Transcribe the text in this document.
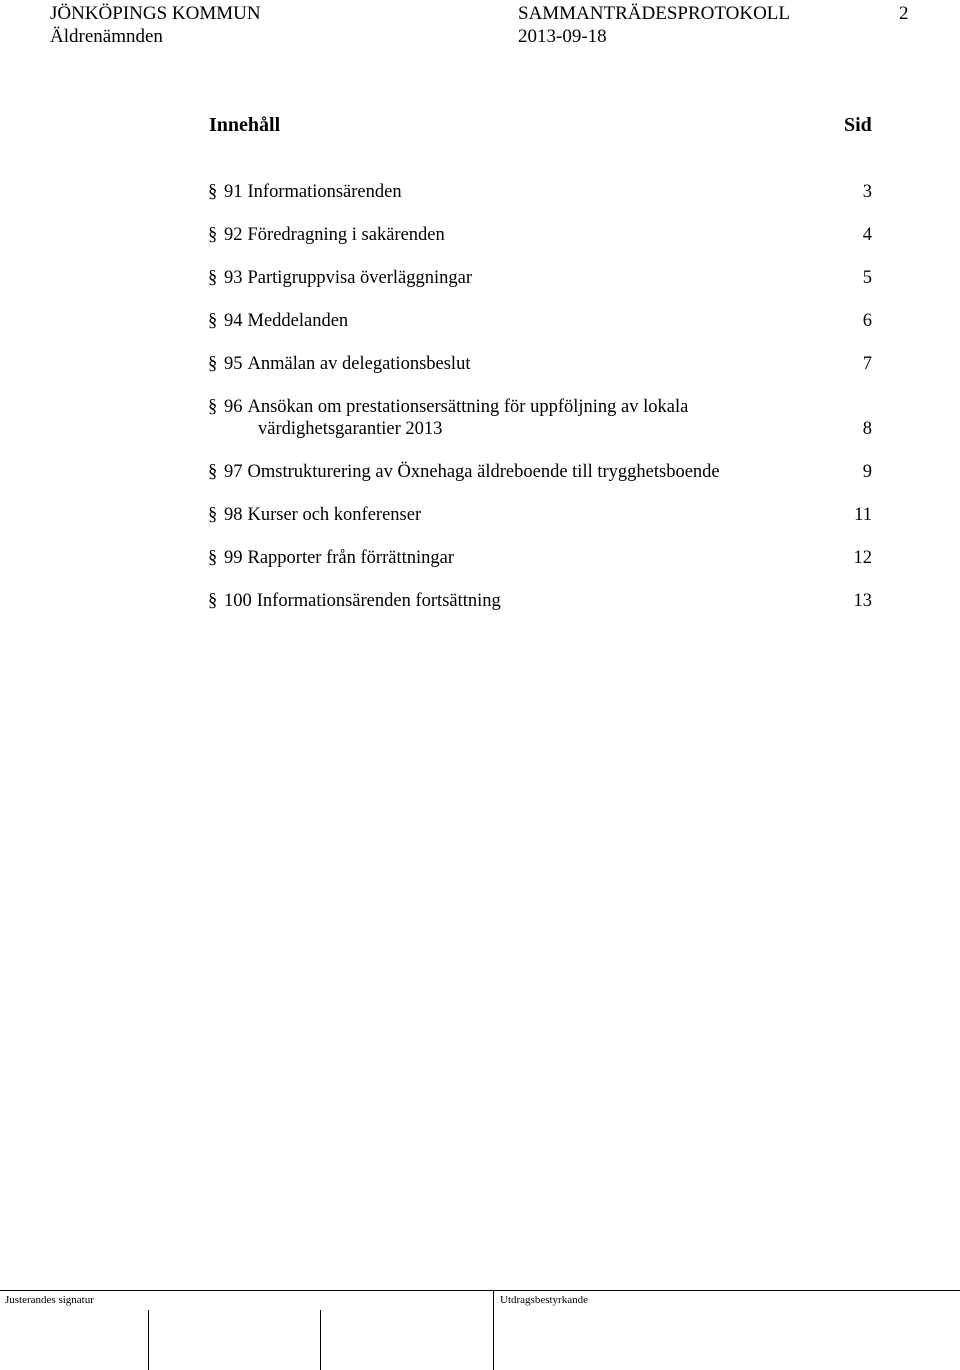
JÖNKÖPINGS KOMMUN
Äldrenämnden
SAMMANTRÄDESPROTOKOLL
2013-09-18
2
Innehåll	Sid
§ 91 Informationsärenden	3
§ 92 Föredragning i sakärenden	4
§ 93 Partigruppvisa överläggningar	5
§ 94 Meddelanden	6
§ 95 Anmälan av delegationsbeslut	7
§ 96 Ansökan om prestationsersättning för uppföljning av lokala
värdighetsgarantier 2013	8
§ 97 Omstrukturering av Öxnehaga äldreboende till trygghetsboende	9
§ 98 Kurser och konferenser	11
§ 99 Rapporter från förrättningar	12
§ 100 Informationsärenden fortsättning	13
Justerandes signatur	Utdragsbestyrkande
